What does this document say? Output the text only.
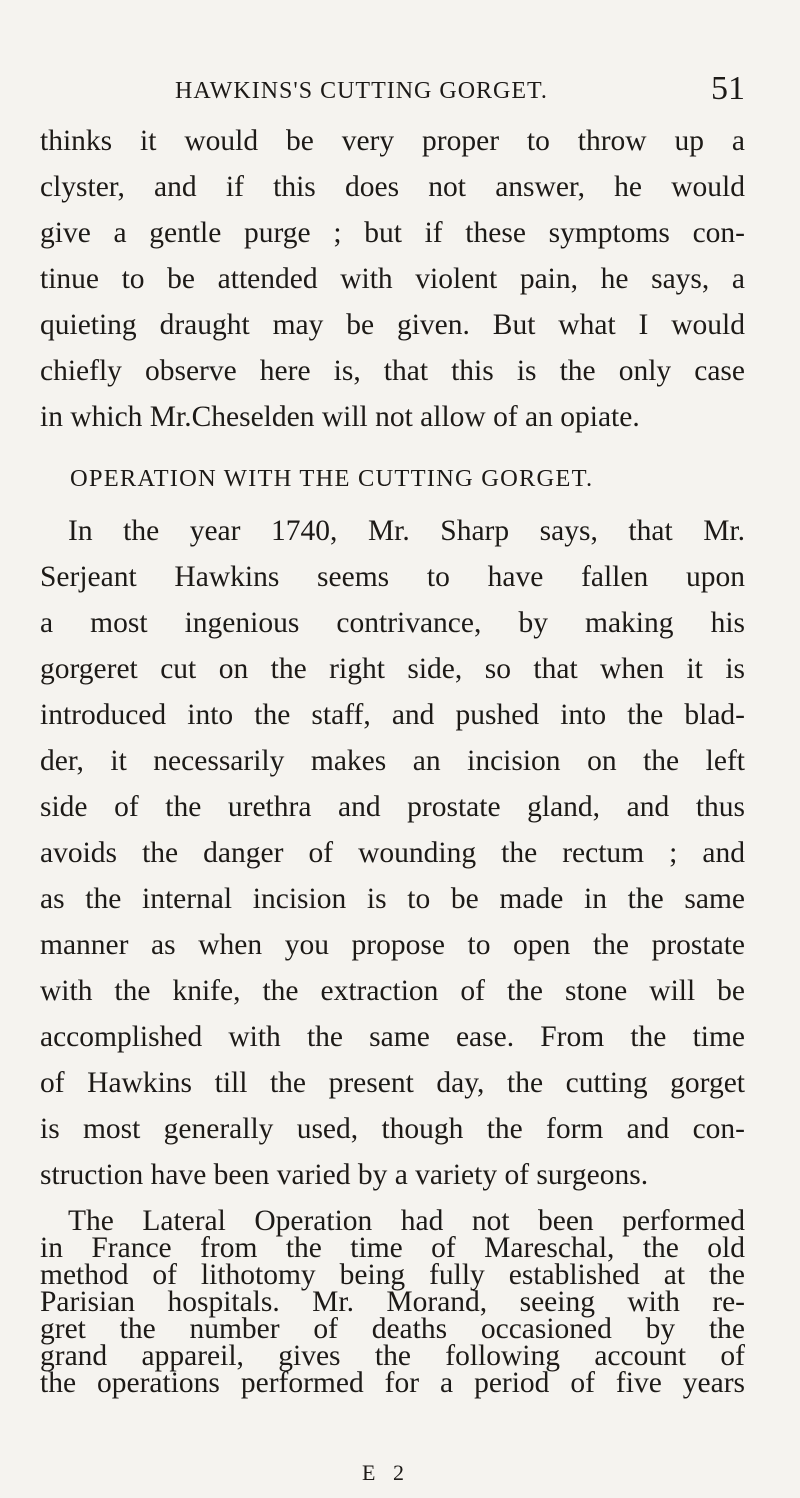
HAWKINS'S CUTTING GORGET.	51
thinks it would be very proper to throw up a
clyster, and if this does not answer, he would
give a gentle purge ; but if these symptoms con-
tinue to be attended with violent pain, he says, a
quieting draught may be given. But what I would
chiefly observe here is, that this is the only case
in which Mr.Cheselden will not allow of an opiate.
OPERATION WITH THE CUTTING GORGET.
In the year 1740, Mr. Sharp says, that Mr.
Serjeant Hawkins seems to have fallen upon
a most ingenious contrivance, by making his
gorgeret cut on the right side, so that when it is
introduced into the staff, and pushed into the blad-
der, it necessarily makes an incision on the left
side of the urethra and prostate gland, and thus
avoids the danger of wounding the rectum ; and
as the internal incision is to be made in the same
manner as when you propose to open the prostate
with the knife, the extraction of the stone will be
accomplished with the same ease. From the time
of Hawkins till the present day, the cutting gorget
is most generally used, though the form and con-
struction have been varied by a variety of surgeons.
The Lateral Operation had not been performed
in France from the time of Mareschal, the old
method of lithotomy being fully established at the
Parisian hospitals. Mr. Morand, seeing with re-
gret the number of deaths occasioned by the
grand appareil, gives the following account of
the operations performed for a period of five years
E 2
